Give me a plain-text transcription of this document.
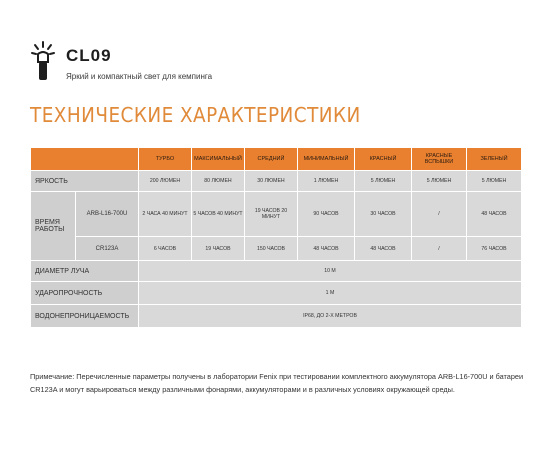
CL09
Яркий и компактный свет для кемпинга
ТЕХНИЧЕСКИЕ ХАРАКТЕРИСТИКИ
		ТУРБО	МАКСИМАЛЬНЫЙ	СРЕДНИЙ	МИНИМАЛЬНЫЙ	КРАСНЫЙ	КРАСНЫЕ ВСПЫШКИ	ЗЕЛЕНЫЙ
ЯРКОСТЬ		200 ЛЮМЕН	80 ЛЮМЕН	30 ЛЮМЕН	1 ЛЮМЕН	5 ЛЮМЕН	5 ЛЮМЕН	5 ЛЮМЕН
ВРЕМЯ РАБОТЫ	ARB-L16-700U	2 ЧАСА 40 МИНУТ	5 ЧАСОВ 40 МИНУТ	19 ЧАСОВ 20 МИНУТ	90 ЧАСОВ	30 ЧАСОВ	/	48 ЧАСОВ
	CR123A	6 ЧАСОВ	19 ЧАСОВ	150 ЧАСОВ	48 ЧАСОВ	48 ЧАСОВ	/	76 ЧАСОВ
ДИАМЕТР ЛУЧА		10 M						
УДАРОПРОЧНОСТЬ		1 M						
ВОДОНЕПРОНИЦАЕМОСТЬ		IP68, ДО 2-Х МЕТРОВ						
Примечание: Перечисленные параметры получены в лаборатории Fenix при тестировании комплектного аккумулятора ARB-L16-700U и батареи CR123A и могут варьироваться между различными фонарями, аккумуляторами и в различных условиях окружающей среды.
